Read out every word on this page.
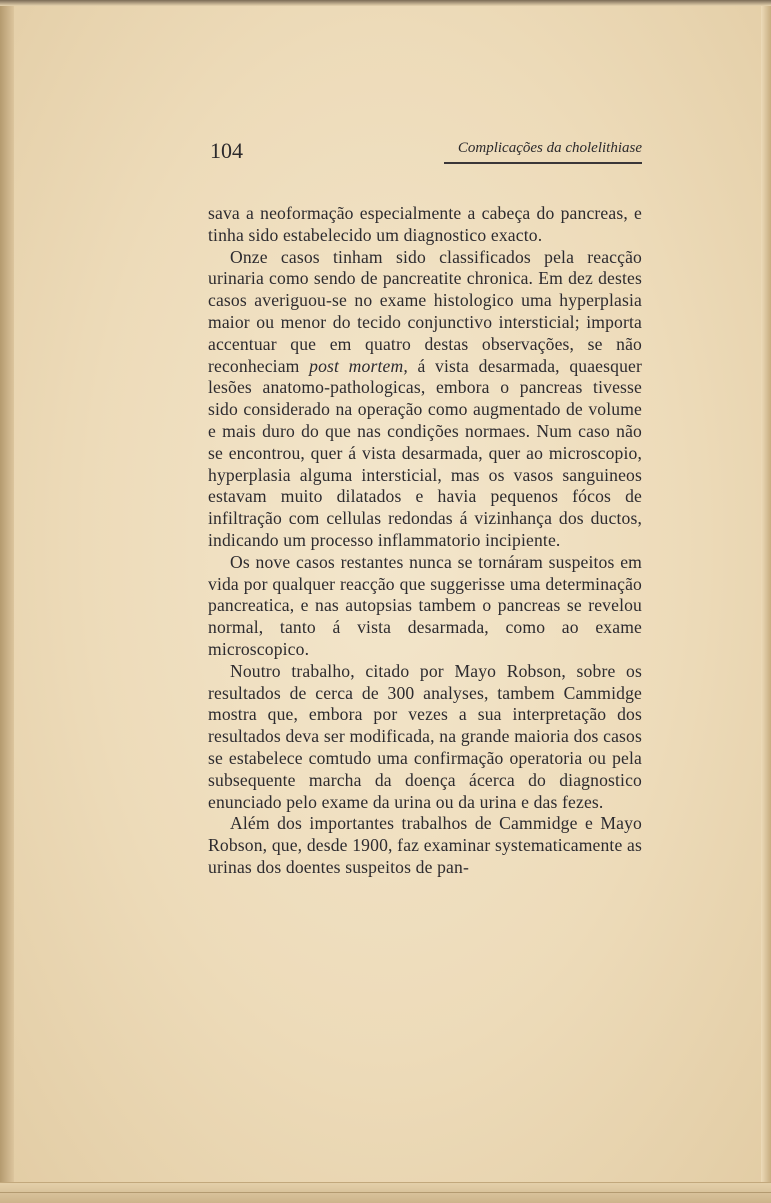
104	Complicações da cholelithiase

sava a neoformação especialmente a cabeça do pancreas, e tinha sido estabelecido um diagnostico exacto.

Onze casos tinham sido classificados pela reacção urinaria como sendo de pancreatite chronica. Em dez destes casos averiguou-se no exame histologico uma hyperplasia maior ou menor do tecido conjunctivo intersticial; importa accentuar que em quatro destas observações, se não reconheciam post mortem, á vista desarmada, quaesquer lesões anatomo-pathologicas, embora o pancreas tivesse sido considerado na operação como augmentado de volume e mais duro do que nas condições normaes. Num caso não se encontrou, quer á vista desarmada, quer ao microscopio, hyperplasia alguma intersticial, mas os vasos sanguineos estavam muito dilatados e havia pequenos fócos de infiltração com cellulas redondas á vizinhança dos ductos, indicando um processo inflammatorio incipiente.

Os nove casos restantes nunca se tornáram suspeitos em vida por qualquer reacção que suggerisse uma determinação pancreatica, e nas autopsias tambem o pancreas se revelou normal, tanto á vista desarmada, como ao exame microscopico.

Noutro trabalho, citado por Mayo Robson, sobre os resultados de cerca de 300 analyses, tambem Cammidge mostra que, embora por vezes a sua interpretação dos resultados deva ser modificada, na grande maioria dos casos se estabelece comtudo uma confirmação operatoria ou pela subsequente marcha da doença ácerca do diagnostico enunciado pelo exame da urina ou da urina e das fezes.

Além dos importantes trabalhos de Cammidge e Mayo Robson, que, desde 1900, faz examinar systematicamente as urinas dos doentes suspeitos de pan-
